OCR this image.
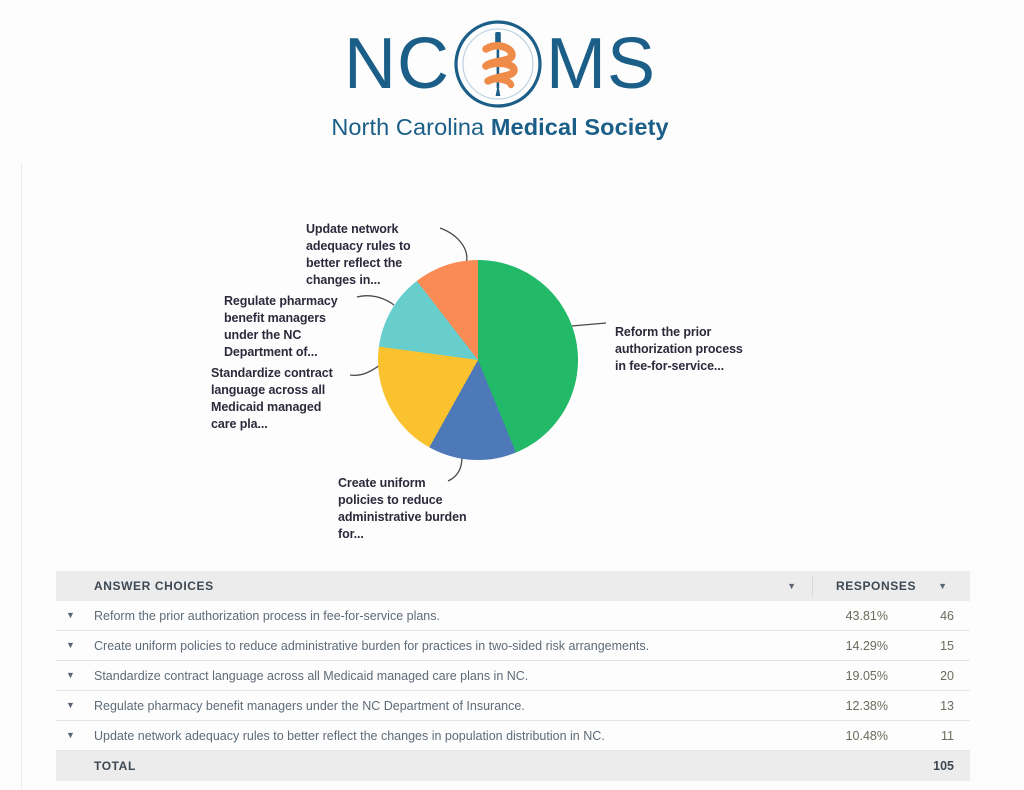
NC MS
North Carolina Medical Society
Reform the prior authorization process in fee-for-service...
Update network adequacy rules to better reflect the changes in...
Regulate pharmacy benefit managers under the NC Department of...
Standardize contract language across all Medicaid managed care pla...
Create uniform policies to reduce administrative burden for...
ANSWER CHOICES	▼	RESPONSES ▼
▼	Reform the prior authorization process in fee-for-service plans.	43.81%	46
▼	Create uniform policies to reduce administrative burden for practices in two-sided risk arrangements.	14.29%	15
▼	Standardize contract language across all Medicaid managed care plans in NC.	19.05%	20
▼	Regulate pharmacy benefit managers under the NC Department of Insurance.	12.38%	13
▼	Update network adequacy rules to better reflect the changes in population distribution in NC.	10.48%	11
TOTAL	105
